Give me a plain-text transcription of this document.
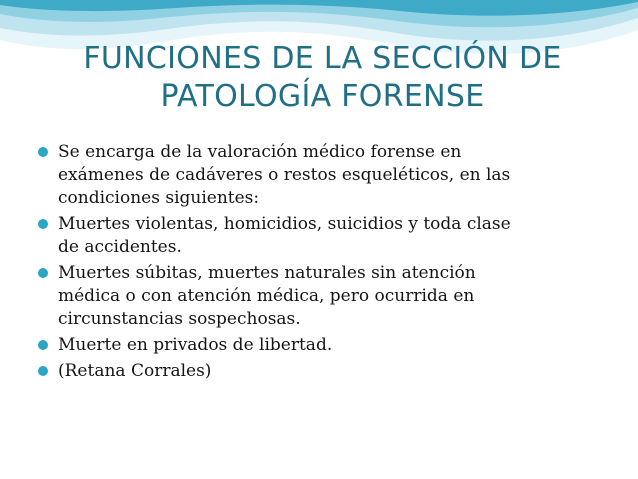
FUNCIONES DE LA SECCIÓN DE
PATOLOGÍA FORENSE
Se encarga de la valoración médico forense en
exámenes de cadáveres o restos esqueléticos, en las
condiciones siguientes:
Muertes violentas, homicidios, suicidios y toda clase
de accidentes.
Muertes súbitas, muertes naturales sin atención
médica o con atención médica, pero ocurrida en
circunstancias sospechosas.
Muerte en privados de libertad.
(Retana Corrales)
